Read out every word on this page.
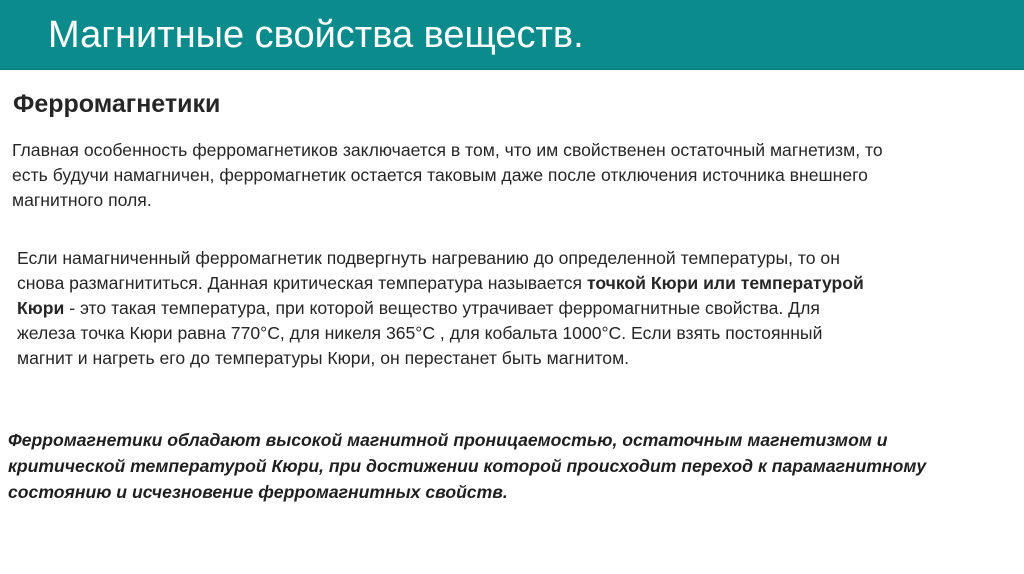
Магнитные свойства веществ.
Ферромагнетики

Главная особенность ферромагнетиков заключается в том, что им свойственен остаточный магнетизм, то
есть будучи намагничен, ферромагнетик остается таковым даже после отключения источника внешнего
магнитного поля.

Если намагниченный ферромагнетик подвергнуть нагреванию до определенной температуры, то он
снова размагнититься. Данная критическая температура называется точкой Кюри или температурой
Кюри - это такая температура, при которой вещество утрачивает ферромагнитные свойства. Для
железа точка Кюри равна 770°С, для никеля 365°С , для кобальта 1000°С. Если взять постоянный
магнит и нагреть его до температуры Кюри, он перестанет быть магнитом.

Ферромагнетики обладают высокой магнитной проницаемостью, остаточным магнетизмом и
критической температурой Кюри, при достижении которой происходит переход к парамагнитному
состоянию и исчезновение ферромагнитных свойств.
